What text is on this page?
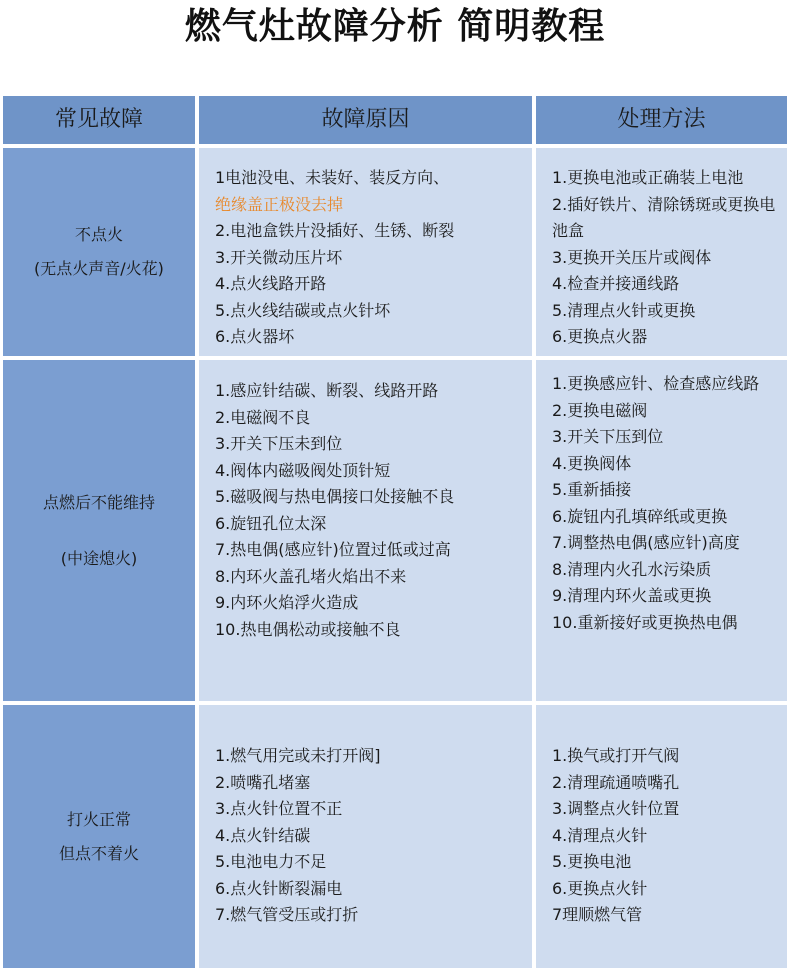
燃气灶故障分析 简明教程
常见故障	故障原因	处理方法
不点火
(无点火声音/火花)
1电池没电、未装好、装反方向、
绝缘盖正极没去掉
2.电池盒铁片没插好、生锈、断裂
3.开关微动压片坏
4.点火线路开路
5.点火线结碳或点火针坏
6.点火器坏
1.更换电池或正确装上电池
2.插好铁片、清除锈斑或更换电池盒
3.更换开关压片或阀体
4.检查并接通线路
5.清理点火针或更换
6.更换点火器
点燃后不能维持
(中途熄火)
1.感应针结碳、断裂、线路开路
2.电磁阀不良
3.开关下压未到位
4.阀体内磁吸阀处顶针短
5.磁吸阀与热电偶接口处接触不良
6.旋钮孔位太深
7.热电偶(感应针)位置过低或过高
8.内环火盖孔堵火焰出不来
9.内环火焰浮火造成
10.热电偶松动或接触不良
1.更换感应针、检查感应线路
2.更换电磁阀
3.开关下压到位
4.更换阀体
5.重新插接
6.旋钮内孔填碎纸或更换
7.调整热电偶(感应针)高度
8.清理内火孔水污染质
9.清理内环火盖或更换
10.重新接好或更换热电偶
打火正常
但点不着火
1.燃气用完或未打开阀]
2.喷嘴孔堵塞
3.点火针位置不正
4.点火针结碳
5.电池电力不足
6.点火针断裂漏电
7.燃气管受压或打折
1.换气或打开气阀
2.清理疏通喷嘴孔
3.调整点火针位置
4.清理点火针
5.更换电池
6.更换点火针
7理顺燃气管
